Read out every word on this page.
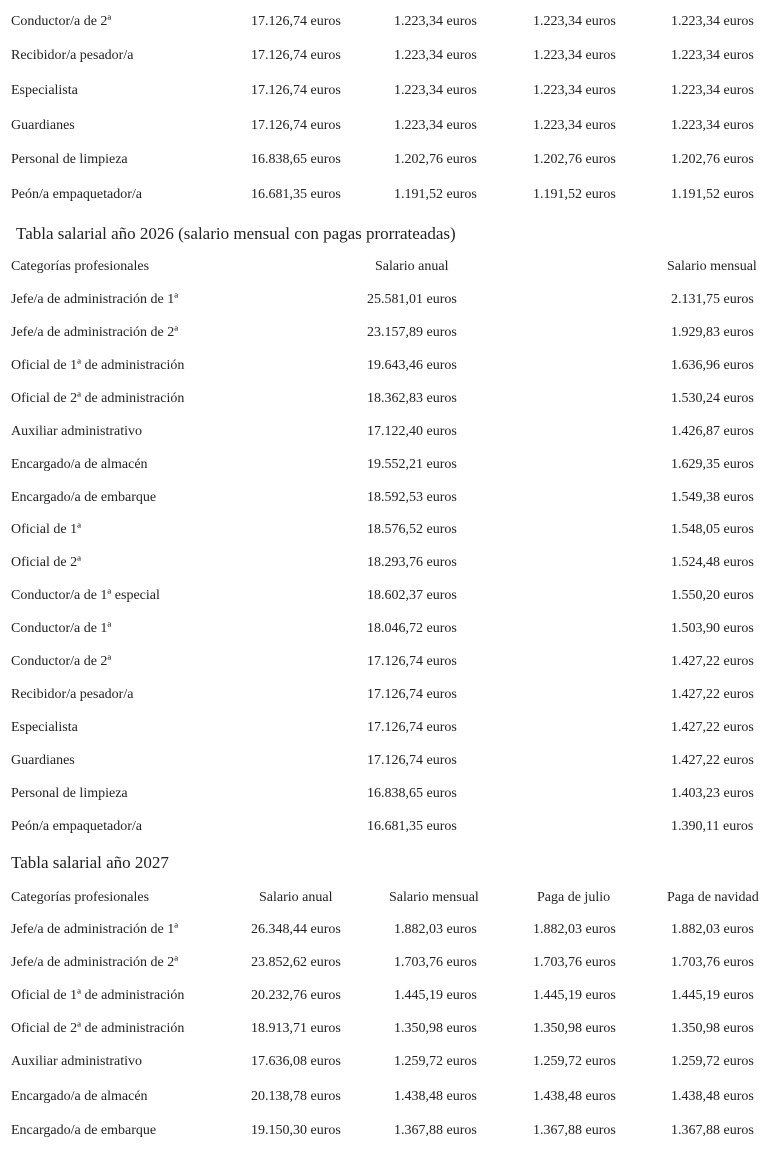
Conductor/a de 2ª	17.126,74 euros	1.223,34 euros	1.223,34 euros	1.223,34 euros
Recibidor/a pesador/a	17.126,74 euros	1.223,34 euros	1.223,34 euros	1.223,34 euros
Especialista	17.126,74 euros	1.223,34 euros	1.223,34 euros	1.223,34 euros
Guardianes	17.126,74 euros	1.223,34 euros	1.223,34 euros	1.223,34 euros
Personal de limpieza	16.838,65 euros	1.202,76 euros	1.202,76 euros	1.202,76 euros
Peón/a empaquetador/a	16.681,35 euros	1.191,52 euros	1.191,52 euros	1.191,52 euros
Tabla salarial año 2026 (salario mensual con pagas prorrateadas)
Categorías profesionales	Salario anual	Salario mensual
Jefe/a de administración de 1ª	25.581,01 euros	2.131,75 euros
Jefe/a de administración de 2ª	23.157,89 euros	1.929,83 euros
Oficial de 1ª de administración	19.643,46 euros	1.636,96 euros
Oficial de 2ª de administración	18.362,83 euros	1.530,24 euros
Auxiliar administrativo	17.122,40 euros	1.426,87 euros
Encargado/a de almacén	19.552,21 euros	1.629,35 euros
Encargado/a de embarque	18.592,53 euros	1.549,38 euros
Oficial de 1ª	18.576,52 euros	1.548,05 euros
Oficial de 2ª	18.293,76 euros	1.524,48 euros
Conductor/a de 1ª especial	18.602,37 euros	1.550,20 euros
Conductor/a de 1ª	18.046,72 euros	1.503,90 euros
Conductor/a de 2ª	17.126,74 euros	1.427,22 euros
Recibidor/a pesador/a	17.126,74 euros	1.427,22 euros
Especialista	17.126,74 euros	1.427,22 euros
Guardianes	17.126,74 euros	1.427,22 euros
Personal de limpieza	16.838,65 euros	1.403,23 euros
Peón/a empaquetador/a	16.681,35 euros	1.390,11 euros
Tabla salarial año 2027
Categorías profesionales	Salario anual	Salario mensual	Paga de julio	Paga de navidad
Jefe/a de administración de 1ª	26.348,44 euros	1.882,03 euros	1.882,03 euros	1.882,03 euros
Jefe/a de administración de 2ª	23.852,62 euros	1.703,76 euros	1.703,76 euros	1.703,76 euros
Oficial de 1ª de administración	20.232,76 euros	1.445,19 euros	1.445,19 euros	1.445,19 euros
Oficial de 2ª de administración	18.913,71 euros	1.350,98 euros	1.350,98 euros	1.350,98 euros
Auxiliar administrativo	17.636,08 euros	1.259,72 euros	1.259,72 euros	1.259,72 euros
Encargado/a de almacén	20.138,78 euros	1.438,48 euros	1.438,48 euros	1.438,48 euros
Encargado/a de embarque	19.150,30 euros	1.367,88 euros	1.367,88 euros	1.367,88 euros
